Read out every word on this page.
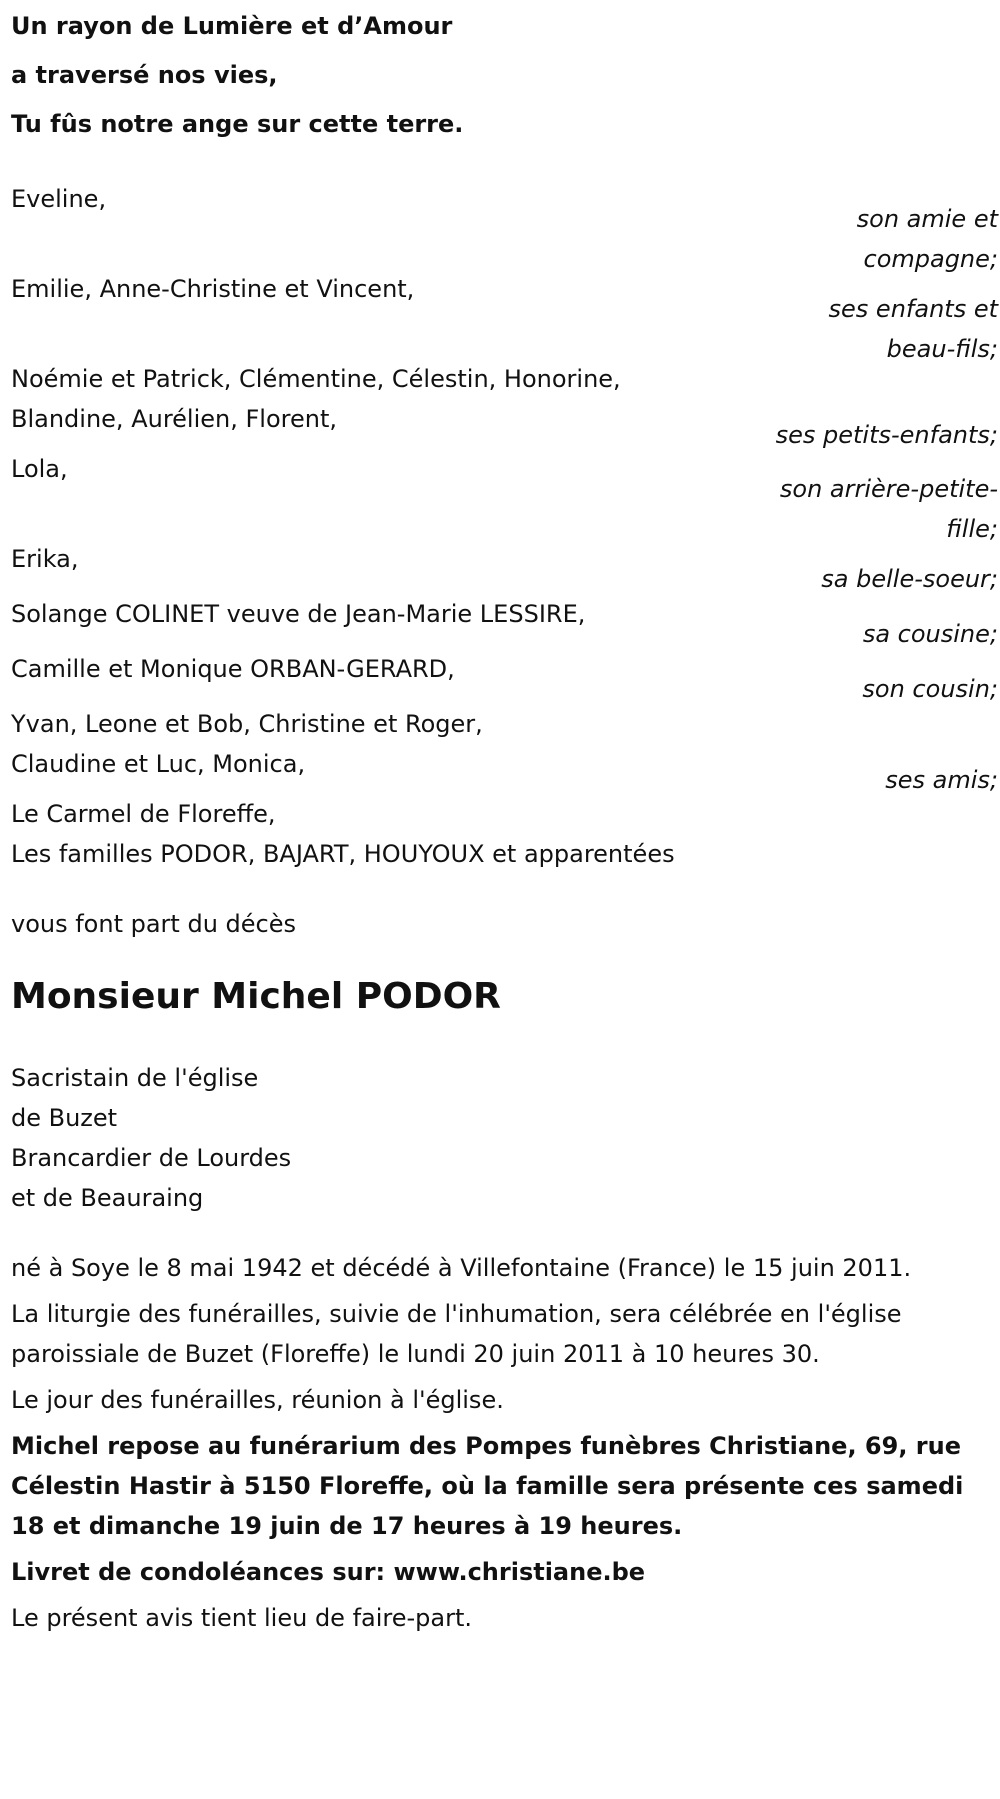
Un rayon de Lumière et d’Amour

a traversé nos vies,

Tu fûs notre ange sur cette terre.

Eveline,
son amie et
compagne;
Emilie, Anne-Christine et Vincent,
ses enfants et
beau-fils;
Noémie et Patrick, Clémentine, Célestin, Honorine,
Blandine, Aurélien, Florent,
ses petits-enfants;
Lola,
son arrière-petite-
fille;
Erika,
sa belle-soeur;
Solange COLINET veuve de Jean-Marie LESSIRE,
sa cousine;
Camille et Monique ORBAN-GERARD,
son cousin;
Yvan, Leone et Bob, Christine et Roger,
Claudine et Luc, Monica,
ses amis;
Le Carmel de Floreffe,
Les familles PODOR, BAJART, HOUYOUX et apparentées

vous font part du décès

Monsieur Michel PODOR
Sacristain de l'église
de Buzet
Brancardier de Lourdes
et de Beauraing

né à Soye le 8 mai 1942 et décédé à Villefontaine (France) le 15 juin 2011.

La liturgie des funérailles, suivie de l'inhumation, sera célébrée en l'église
paroissiale de Buzet (Floreffe) le lundi 20 juin 2011 à 10 heures 30.

Le jour des funérailles, réunion à l'église.

Michel repose au funérarium des Pompes funèbres Christiane, 69, rue
Célestin Hastir à 5150 Floreffe, où la famille sera présente ces samedi
18 et dimanche 19 juin de 17 heures à 19 heures.

Livret de condoléances sur: www.christiane.be

Le présent avis tient lieu de faire-part.
